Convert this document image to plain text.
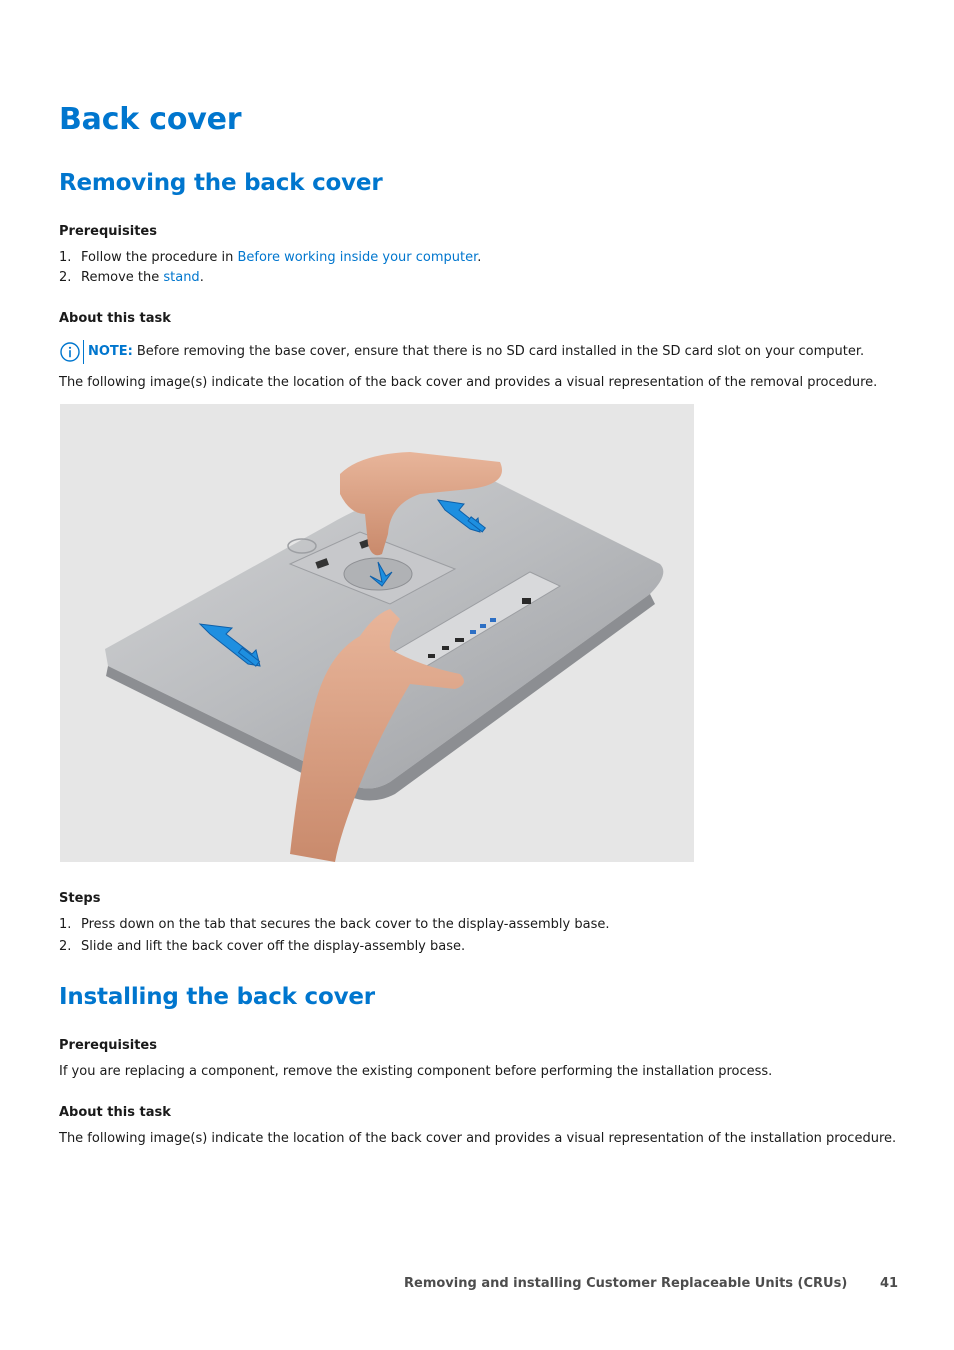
Back cover
Removing the back cover
Prerequisites
1. Follow the procedure in Before working inside your computer.
2. Remove the stand.
About this task
NOTE: Before removing the base cover, ensure that there is no SD card installed in the SD card slot on your computer.
The following image(s) indicate the location of the back cover and provides a visual representation of the removal procedure.
Steps
1. Press down on the tab that secures the back cover to the display-assembly base.
2. Slide and lift the back cover off the display-assembly base.
Installing the back cover
Prerequisites
If you are replacing a component, remove the existing component before performing the installation process.
About this task
The following image(s) indicate the location of the back cover and provides a visual representation of the installation procedure.
Removing and installing Customer Replaceable Units (CRUs)	41
